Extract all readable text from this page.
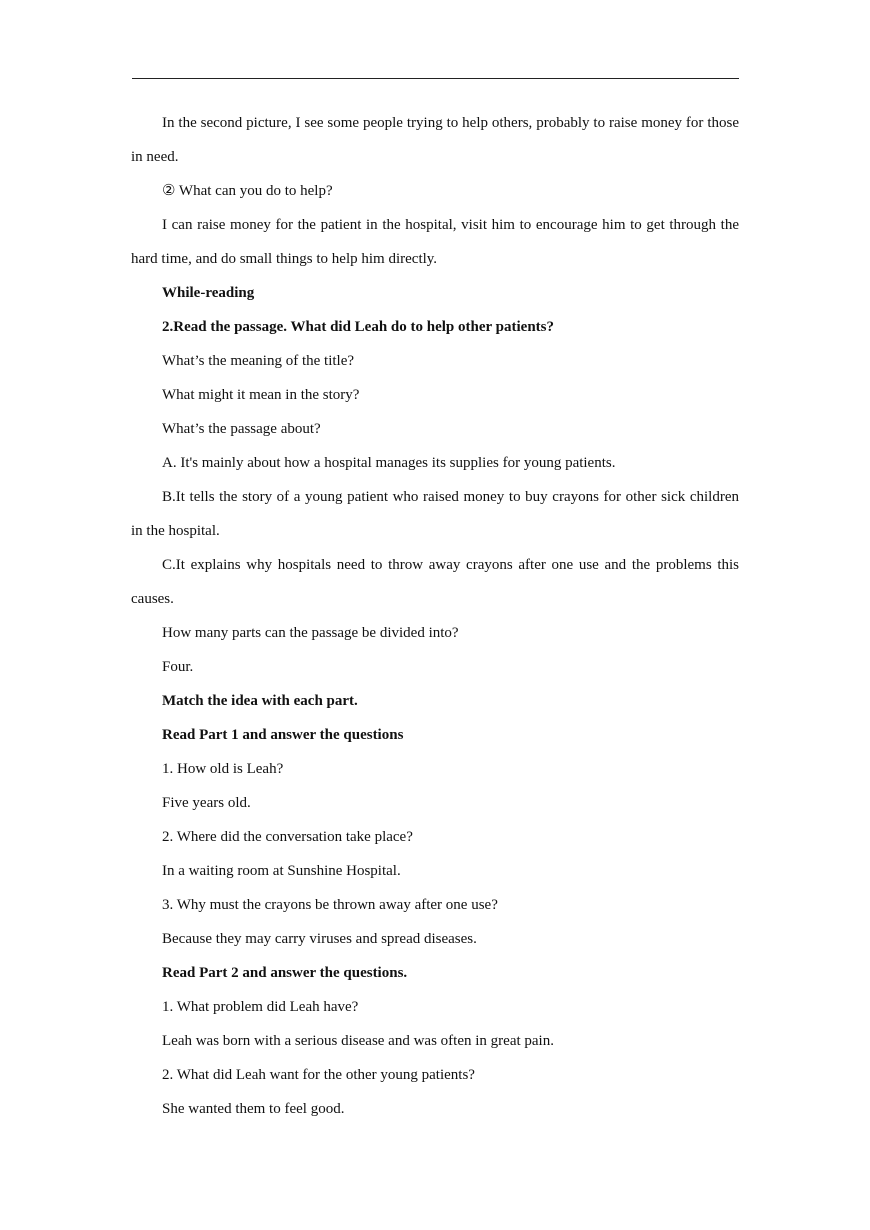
In the second picture, I see some people trying to help others, probably to raise money for those in need.

② What can you do to help?

I can raise money for the patient in the hospital, visit him to encourage him to get through the hard time, and do small things to help him directly.

While-reading

2.Read the passage. What did Leah do to help other patients?

What’s the meaning of the title?

What might it mean in the story?

What’s the passage about?

A. It's mainly about how a hospital manages its supplies for young patients.

B.It tells the story of a young patient who raised money to buy crayons for other sick children in the hospital.

C.It explains why hospitals need to throw away crayons after one use and the problems this causes.

How many parts can the passage be divided into?

Four.

Match the idea with each part.

Read Part 1 and answer the questions

1. How old is Leah?

Five years old.

2. Where did the conversation take place?

In a waiting room at Sunshine Hospital.

3. Why must the crayons be thrown away after one use?

Because they may carry viruses and spread diseases.

Read Part 2 and answer the questions.

1. What problem did Leah have?

Leah was born with a serious disease and was often in great pain.

2. What did Leah want for the other young patients?

She wanted them to feel good.
